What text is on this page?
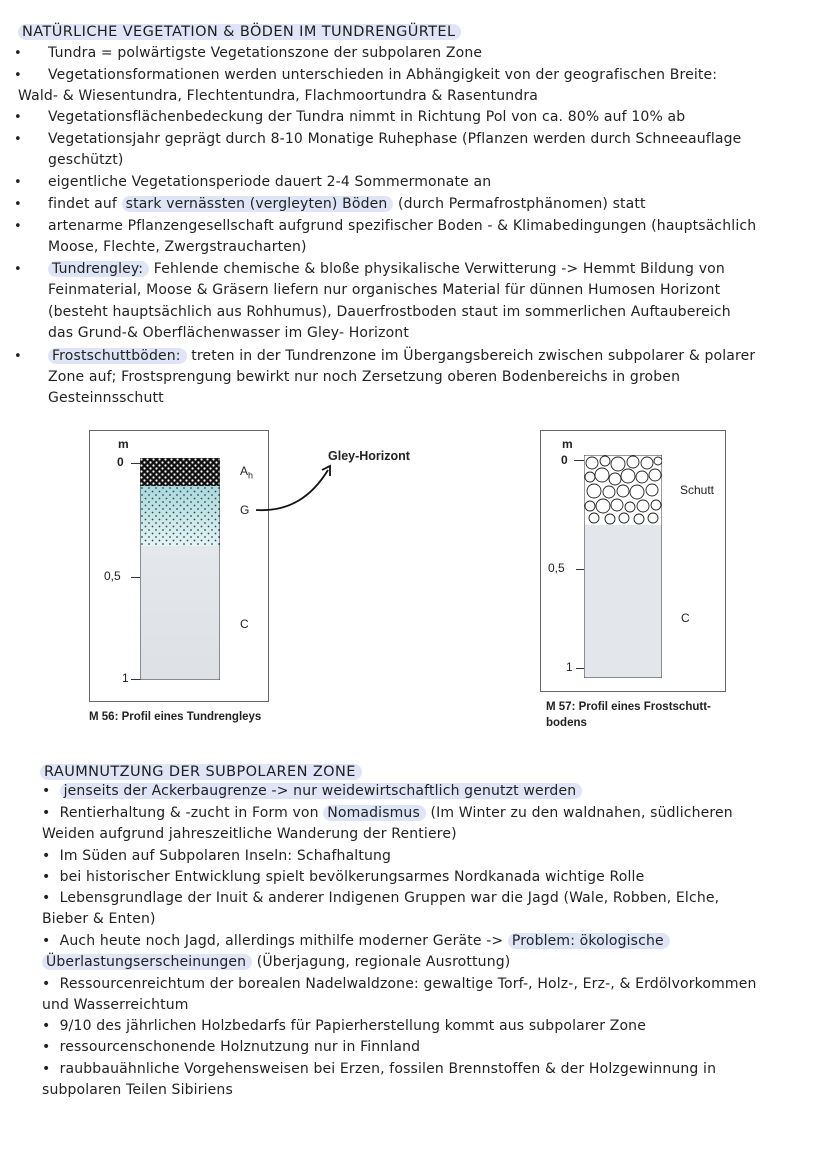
NATÜRLICHE VEGETATION & BÖDEN IM TUNDRENGÜRTEL
•	Tundra = polwärtigste Vegetationszone der subpolaren Zone
•	Vegetationsformationen werden unterschieden in Abhängigkeit von der geografischen Breite:
Wald- & Wiesentundra, Flechtentundra, Flachmoortundra & Rasentundra
•	Vegetationsflächenbedeckung der Tundra nimmt in Richtung Pol von ca. 80% auf 10% ab
•	Vegetationsjahr geprägt durch 8-10 Monatige Ruhephase (Pflanzen werden durch Schneeauflage
geschützt)
•	eigentliche Vegetationsperiode dauert 2-4 Sommermonate an
•	findet auf stark vernässten (vergleyten) Böden (durch Permafrostphänomen) statt
•	artenarme Pflanzengesellschaft aufgrund spezifischer Boden - & Klimabedingungen (hauptsächlich
Moose, Flechte, Zwergstraucharten)
•	Tundrengley: Fehlende chemische & bloße physikalische Verwitterung -> Hemmt Bildung von
Feinmaterial, Moose & Gräsern liefern nur organisches Material für dünnen Humosen Horizont
(besteht hauptsächlich aus Rohhumus), Dauerfrostboden staut im sommerlichen Auftaubereich
das Grund-& Oberflächenwasser im Gley- Horizont
•	Frostschuttböden: treten in der Tundrenzone im Übergangsbereich zwischen subpolarer & polarer
Zone auf; Frostsprengung bewirkt nur noch Zersetzung oberen Bodenbereichs in groben
Gesteinnsschutt
m
0
0,5
1
$A_h$
G
C
Gley-Horizont
M 56: Profil eines Tundrengleys
m
0
0,5
1
Schutt
C
M 57: Profil eines Frostschutt-
bodens
RAUMNUTZUNG DER SUBPOLAREN ZONE
•  jenseits der Ackerbaugrenze -> nur weidewirtschaftlich genutzt werden
•  Rentierhaltung & -zucht in Form von Nomadismus (Im Winter zu den waldnahen, südlicheren
Weiden aufgrund jahreszeitliche Wanderung der Rentiere)
•  Im Süden auf Subpolaren Inseln: Schafhaltung
•  bei historischer Entwicklung spielt bevölkerungsarmes Nordkanada wichtige Rolle
•  Lebensgrundlage der Inuit & anderer Indigenen Gruppen war die Jagd (Wale, Robben, Elche,
Bieber & Enten)
•  Auch heute noch Jagd, allerdings mithilfe moderner Geräte -> Problem: ökologische
Überlastungserscheinungen (Überjagung, regionale Ausrottung)
•  Ressourcenreichtum der borealen Nadelwaldzone: gewaltige Torf-, Holz-, Erz-, & Erdölvorkommen
und Wasserreichtum
•  9/10 des jährlichen Holzbedarfs für Papierherstellung kommt aus subpolarer Zone
•  ressourcenschonende Holznutzung nur in Finnland
•  raubbauähnliche Vorgehensweisen bei Erzen, fossilen Brennstoffen & der Holzgewinnung in
subpolaren Teilen Sibiriens
